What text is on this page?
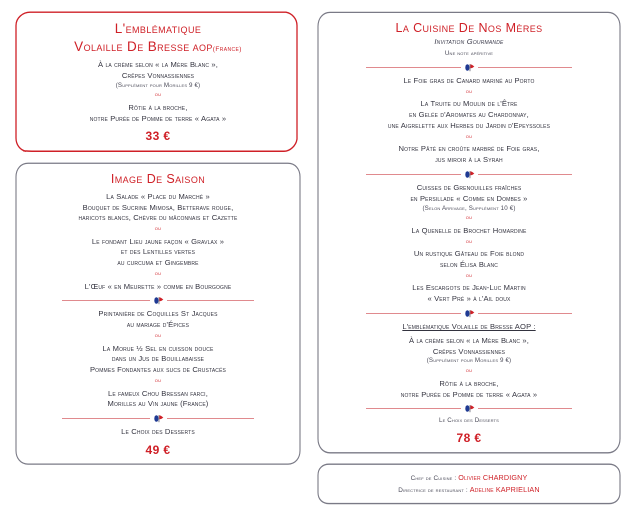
L'emblématique
Volaille De Bresse AOP(France)
À la crème selon « la Mère Blanc »,
Crêpes Vonnassiennes
(Supplément pour Morilles 9 €)
ou
Rôtie à la broche,
notre Purée de Pomme de terre « Agata »
33 €
Image De Saison
La Salade « Place du Marché »
Bouquet de Sucrine Mimosa, Betterave rouge,
haricots blancs, Chèvre du mâconnais et Cazette
ou
Le fondant Lieu jaune façon « Gravlax »
et des Lentilles vertes
au curcuma et Gingembre
ou
L'Œuf « en Meurette » comme en Bourgogne
Printanière de Coquilles St Jacques
au mariage d'Épices
ou
La Morue ½ Sel en cuisson douce
dans un Jus de Bouillabaisse
Pommes Fondantes aux sucs de Crustacés
ou
Le fameux Chou Bressan farci,
Morilles au Vin jaune (France)
Le Choix des Desserts
49 €
La Cuisine De Nos Mères
Invitation Gourmande
Une note apéritive
Le Foie gras de Canard mariné au Porto
ou
La Truite du Moulin de l'Être
en Gelée d'Aromates au Chardonnay,
une Aigrelette aux Herbes du Jardin d'Epeyssoles
ou
Notre Pâté en croûte marbré de Foie gras,
jus miroir à la Syrah
Cuisses de Grenouilles fraîches
en Persillade « Comme en Dombes »
(Selon Arrivage, Supplément 10 €)
ou
La Quenelle de Brochet Homardine
ou
Un rustique Gâteau de Foie blond
selon Élisa Blanc
ou
Les Escargots de Jean-Luc Martin
« Vert Pré » à l'Ail doux
L'emblématique Volaille de Bresse AOP :
À la crème selon « la Mère Blanc »,
Crêpes Vonnassiennes
(Supplément pour Morilles 9 €)
ou
Rôtie à la broche,
notre Purée de Pomme de terre « Agata »
Le Choix des Desserts
78 €
Chef de Cuisine : Olivier CHARDIGNY
Directrice de restaurant : Adeline KAPRIELIAN
